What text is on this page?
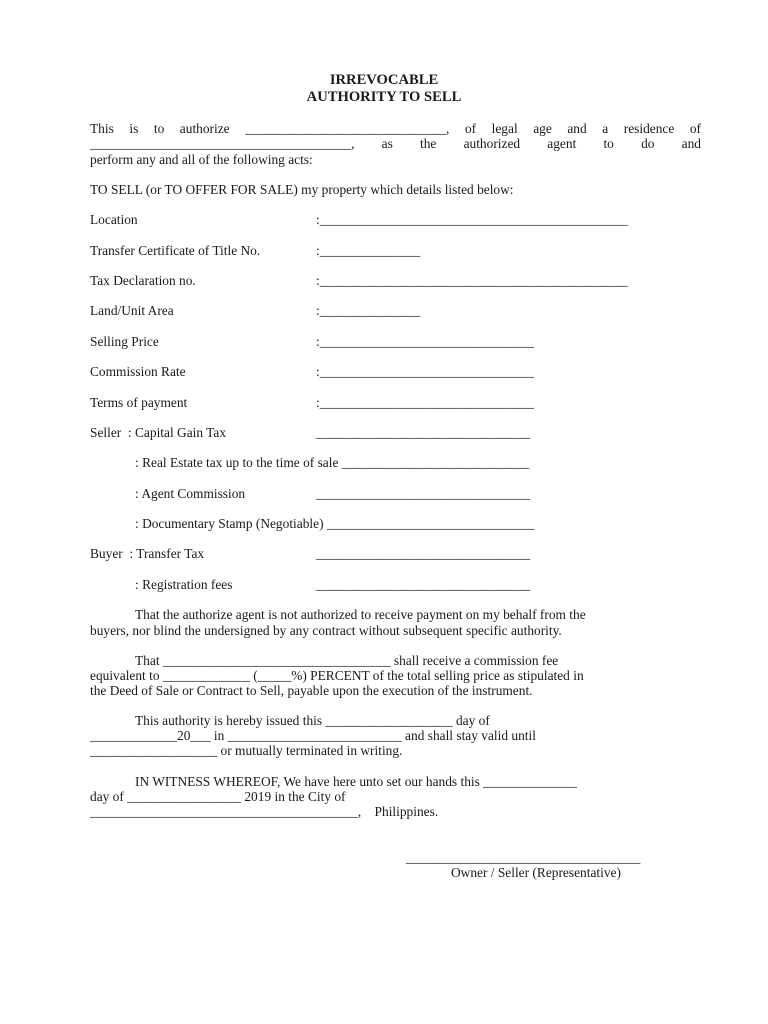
IRREVOCABLE
AUTHORITY TO SELL
This is to authorize ______________________________, of legal age and a residence of
_______________________________________, as the authorized agent to do and
perform any and all of the following acts:
TO SELL (or TO OFFER FOR SALE) my property which details listed below:
Location	:______________________________________________
Transfer Certificate of Title No.	:_______________
Tax Declaration no.	:______________________________________________
Land/Unit Area	:_______________
Selling Price	:________________________________
Commission Rate	:________________________________
Terms of payment	:________________________________
Seller  : Capital Gain Tax	________________________________
: Real Estate tax up to the time of sale ____________________________
: Agent Commission	________________________________
: Documentary Stamp (Negotiable) _______________________________
Buyer  : Transfer Tax	________________________________
: Registration fees	________________________________
That the authorize agent is not authorized to receive payment on my behalf from the
buyers, nor blind the undersigned by any contract without subsequent specific authority.
That __________________________________ shall receive a commission fee
equivalent to _____________ (_____%) PERCENT of the total selling price as stipulated in
the Deed of Sale or Contract to Sell, payable upon the execution of the instrument.
This authority is hereby issued this ___________________ day of
_____________20___ in __________________________ and shall stay valid until
___________________ or mutually terminated in writing.
IN WITNESS WHEREOF, We have here unto set our hands this ______________
day of _________________ 2019 in the City of
________________________________________,    Philippines.
___________________________________
Owner / Seller (Representative)
